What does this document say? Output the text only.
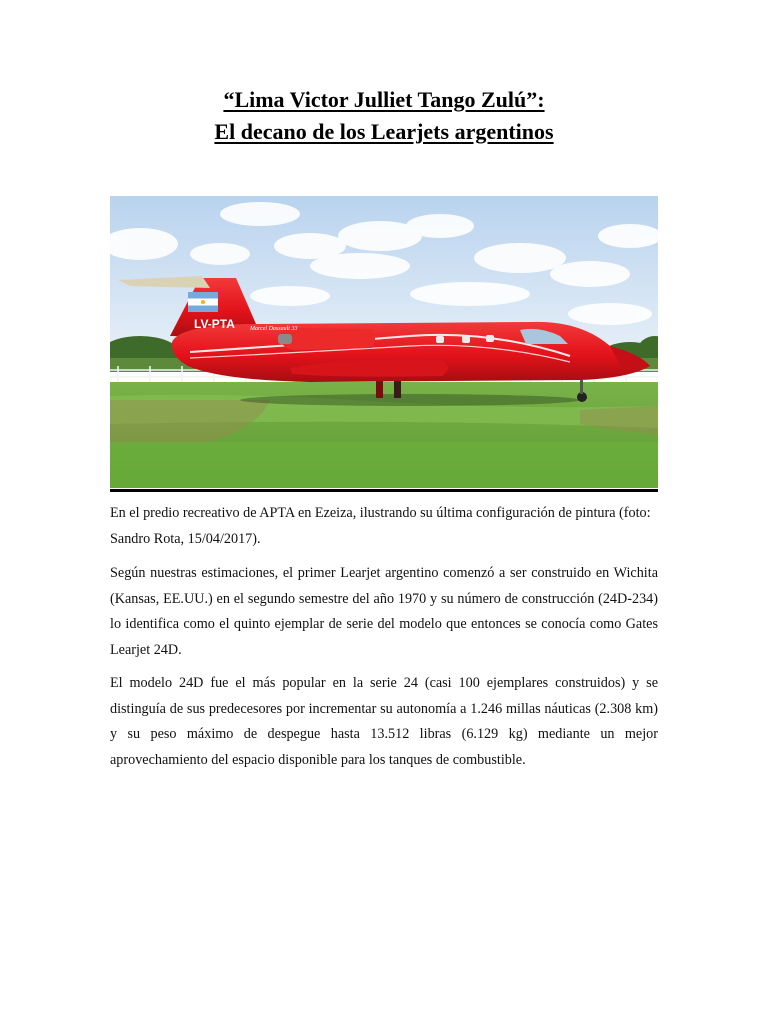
“Lima Victor Julliet Tango Zulú”:
El decano de los Learjets argentinos
LV-PTA	Marcel Dassault 33

En el predio recreativo de APTA en Ezeiza, ilustrando su última configuración de pintura (foto: Sandro Rota, 15/04/2017).

Según nuestras estimaciones, el primer Learjet argentino comenzó a ser construido en Wichita (Kansas, EE.UU.) en el segundo semestre del año 1970 y su número de construcción (24D-234) lo identifica como el quinto ejemplar de serie del modelo que entonces se conocía como Gates Learjet 24D.

El modelo 24D fue el más popular en la serie 24 (casi 100 ejemplares construidos) y se distinguía de sus predecesores por incrementar su autonomía a 1.246 millas náuticas (2.308 km) y su peso máximo de despegue hasta 13.512 libras (6.129 kg) mediante un mejor aprovechamiento del espacio disponible para los tanques de combustible.
